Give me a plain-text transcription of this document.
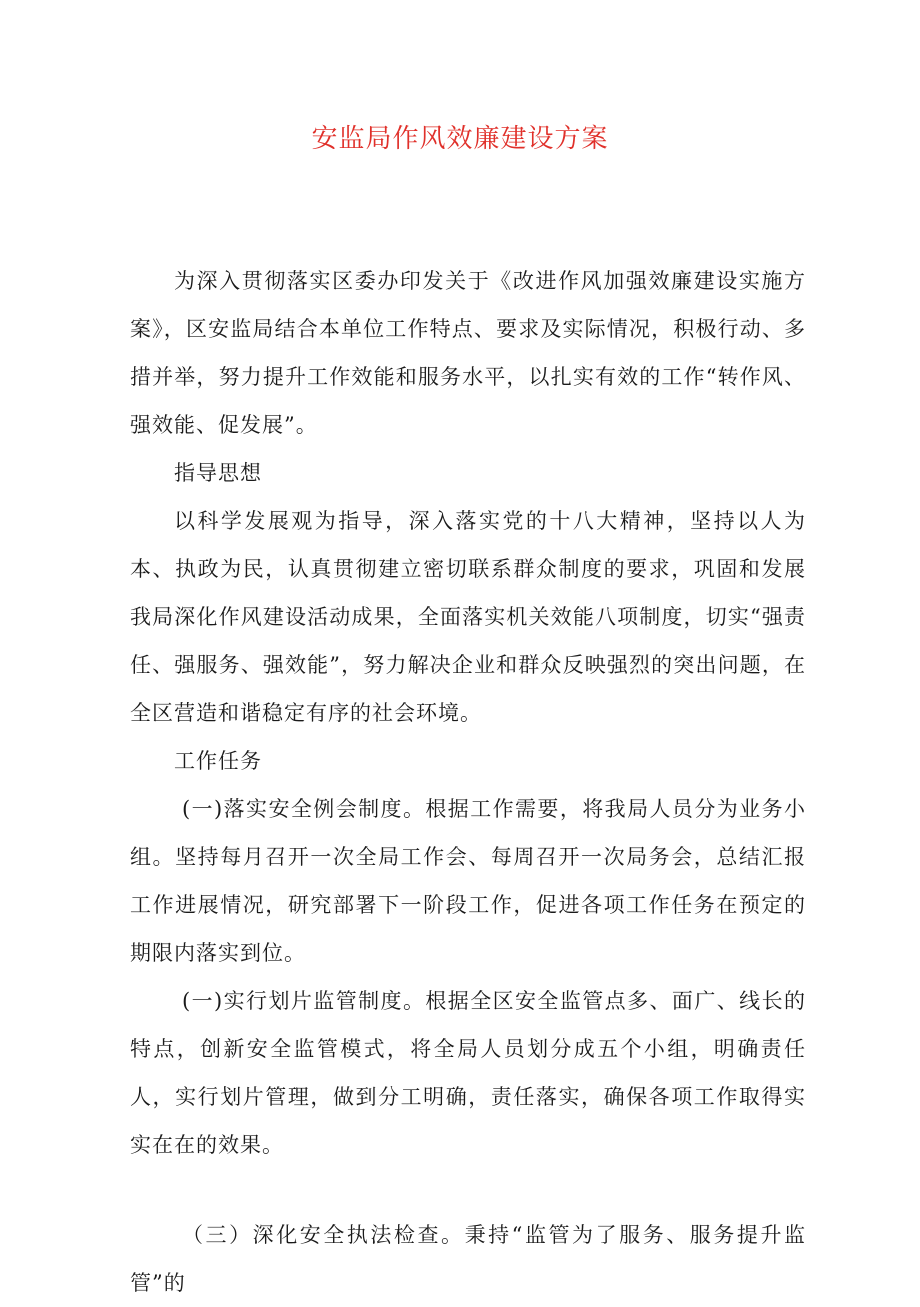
安监局作风效廉建设方案

为深入贯彻落实区委办印发关于《改进作风加强效廉建设实施方案》，区安监局结合本单位工作特点、要求及实际情况，积极行动、多措并举，努力提升工作效能和服务水平，以扎实有效的工作“转作风、强效能、促发展”。

指导思想

以科学发展观为指导，深入落实党的十八大精神，坚持以人为本、执政为民，认真贯彻建立密切联系群众制度的要求，巩固和发展我局深化作风建设活动成果，全面落实机关效能八项制度，切实“强责任、强服务、强效能”，努力解决企业和群众反映强烈的突出问题，在全区营造和谐稳定有序的社会环境。

工作任务

(一)落实安全例会制度。根据工作需要，将我局人员分为业务小组。坚持每月召开一次全局工作会、每周召开一次局务会，总结汇报工作进展情况，研究部署下一阶段工作，促进各项工作任务在预定的期限内落实到位。

(一)实行划片监管制度。根据全区安全监管点多、面广、线长的特点，创新安全监管模式，将全局人员划分成五个小组，明确责任人，实行划片管理，做到分工明确，责任落实，确保各项工作取得实实在在的效果。

（三）深化安全执法检查。秉持“监管为了服务、服务提升监管”的
